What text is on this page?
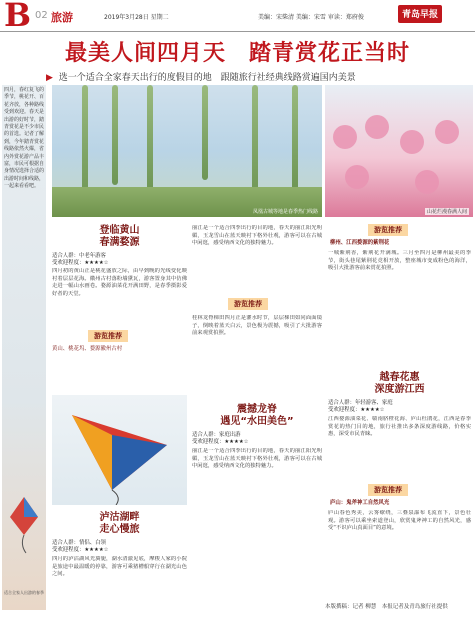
B 02 旅游	2019年3月28日 星期二	美编：宋柴清 美编：宋雪 审读：郑府俊	青岛早报
最美人间四月天　踏青赏花正当时
▶ 选一个适合全家春天出行的度假目的地　跟随旅行社经典线路赏遍国内美景
四月，春红复飞的季节，桃花开、百花齐放，各种路线受到欢迎。春天是出游的好时节，踏青赏花是不少市民的首选。记者了解到，今年踏青赏花线路依然火爆，省内外赏花游产品丰富，市民可根据自身情况选择合适的出游时间和线路，一起来看看吧。
适合全家人出游的春季
凤凰古城等地是春季热门线路	山花烂漫春满人间
登临黄山
春满婺源
适合人群：中老年游客
受欢迎程度：★★★★☆
四月初的黄山正是桃花盛放之际，由早到晚的光线变化映衬着层层花海。徽州古村落粉墙黛瓦，游客置身其中仿佛走进一幅山水画卷。婺源油菜花开满田野，是春季摄影爱好者的天堂。
游览推荐
黄山、桃花坞、婺源徽州古村
泸沽湖畔
走心慢旅
适合人群：情侣、白领
受欢迎程度：★★★★☆
四月的泸沽湖风光旖旎，湖水清澈见底，摩梭人家的小院是旅途中最温暖的停靠，游客可乘猪槽船穿行在湖光山色之间。
丽江是一个适合四季出行的目的地，春天的丽江阳光明媚，玉龙雪山在蓝天映衬下格外壮观，游客可以在古城中闲逛，感受纳西文化的独特魅力。
游览推荐
桂林龙脊梯田四月正是灌水时节，层层梯田如同面面镜子，倒映着蓝天白云，景色极为震撼，吸引了大批游客前来观赏拍照。
震撼龙脊
遇见“水田美色”
适合人群：家庭出游
受欢迎程度：★★★★☆
丽江是一个适合四季出行的目的地，春天的丽江阳光明媚，玉龙雪山在蓝天映衬下格外壮观，游客可以在古城中闲逛，感受纳西文化的独特魅力。
游览推荐
柳州、江西婺源的紫荆花
一城紫荆香，紫荆花开满城。三月至四月是柳州最美的季节，街头巷尾紫荆花竞相开放，整座城市变成粉色的海洋，吸引大批游客前来赏花拍照。
越春花惠
深度游江西
适合人群：年轻游客、家庭
受欢迎程度：★★★★☆
江西婺源油菜花、赣南脐橙花海、庐山杜鹃花，江西是春季赏花的热门目的地，旅行社推出多条深度游线路，价格实惠，深受市民青睐。
游览推荐
庐山：鬼斧神工自然风光
庐山春色秀美，云雾缭绕，三叠泉瀑布飞流直下，景色壮观。游客可以乘坐索道登山，欣赏鬼斧神工的自然风光，感受“不识庐山真面目”的意境。
本版撰稿：记者 柳慧　本报记者及青岛旅行社提供
